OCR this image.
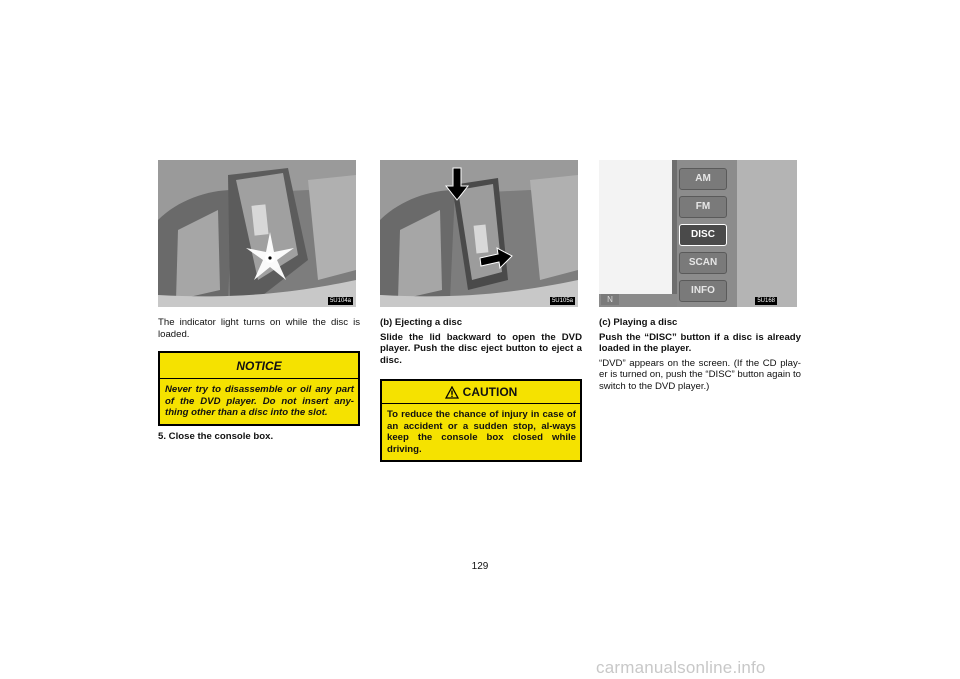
5U104a

The indicator light turns on while the disc is loaded.

NOTICE
Never try to disassemble or oil any part of the DVD player. Do not insert any-thing other than a disc into the slot.

5. Close the console box.

5U105a

(b) Ejecting a disc

Slide the lid backward to open the DVD player. Push the disc eject button to eject a disc.

CAUTION
To reduce the chance of injury in case of an accident or a sudden stop, al-ways keep the console box closed while driving.
AM
FM
DISC
SCAN
INFO
N	5U168

(c) Playing a disc

Push the “DISC” button if a disc is already loaded in the player.

“DVD” appears on the screen. (If the CD play-er is turned on, push the “DISC” button again to switch to the DVD player.)

129
carmanualsonline.info
